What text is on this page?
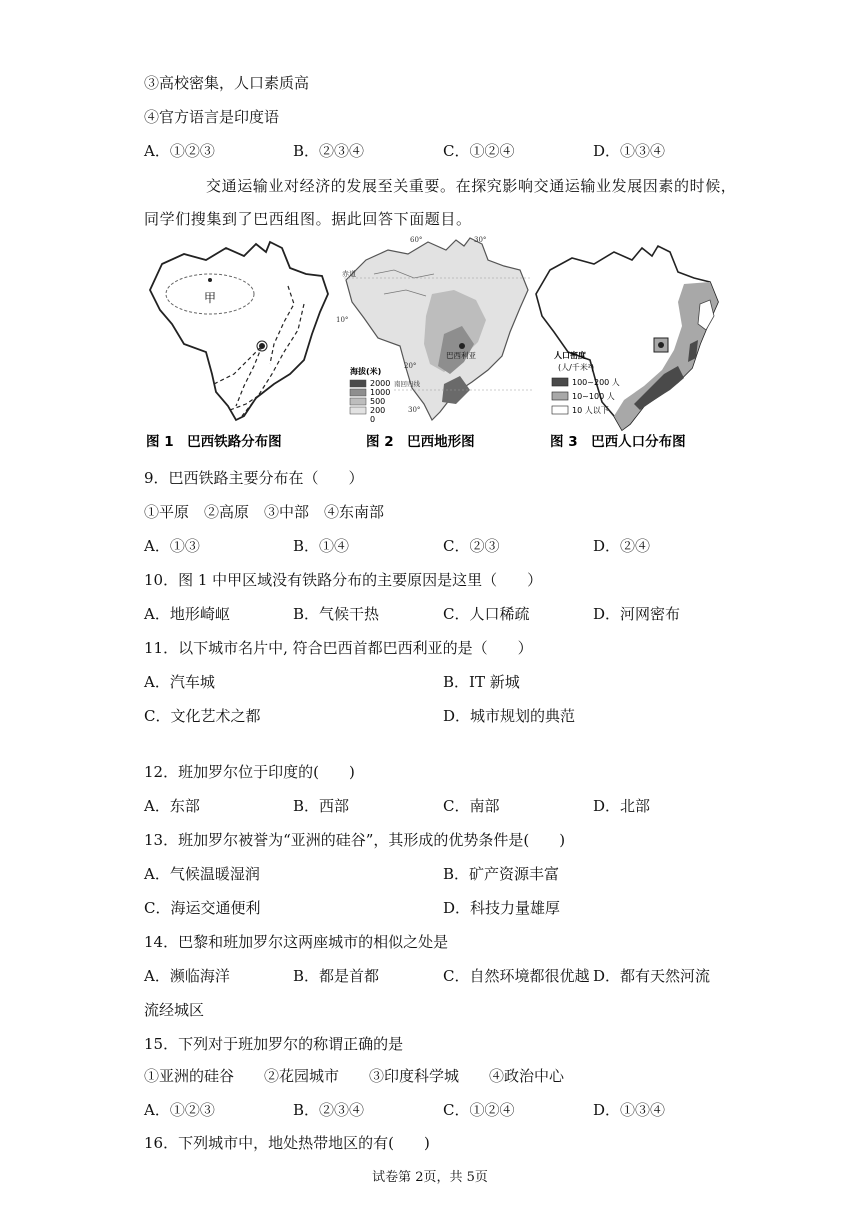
③高校密集，人口素质高
④官方语言是印度语
A．①②③	B．②③④	C．①②④	D．①③④
交通运输业对经济的发展至关重要。在探究影响交通运输业发展因素的时候，
同学们搜集到了巴西组图。据此回答下面题目。
甲
图 1　巴西铁路分布图
60°	30°
赤道
10°
20°
30°
巴西利亚
南回归线
海拔(米)
2000
1000
500
200
0
图 2　巴西地形图
人口密度
(人/千米²)
100~200 人
10~100 人
10 人以下
图 3　巴西人口分布图
9．巴西铁路主要分布在（　　）
①平原　②高原　③中部　④东南部
A．①③	B．①④	C．②③	D．②④
10．图 1 中甲区域没有铁路分布的主要原因是这里（　　）
A．地形崎岖	B．气候干热	C．人口稀疏	D．河网密布
11．以下城市名片中, 符合巴西首都巴西利亚的是（　　）
A．汽车城	B．IT 新城
C．文化艺术之都	D．城市规划的典范
12．班加罗尔位于印度的(　　)
A．东部	B．西部	C．南部	D．北部
13．班加罗尔被誉为“亚洲的硅谷”，其形成的优势条件是(　　)
A．气候温暖湿润	B．矿产资源丰富
C．海运交通便利	D．科技力量雄厚
14．巴黎和班加罗尔这两座城市的相似之处是
A．濒临海洋	B．都是首都	C．自然环境都很优越 D．都有天然河流
流经城区
15．下列对于班加罗尔的称谓正确的是
①亚洲的硅谷　　②花园城市　　③印度科学城　　④政治中心
A．①②③	B．②③④	C．①②④	D．①③④
16．下列城市中，地处热带地区的有(　　)
试卷第 2页，共 5页
